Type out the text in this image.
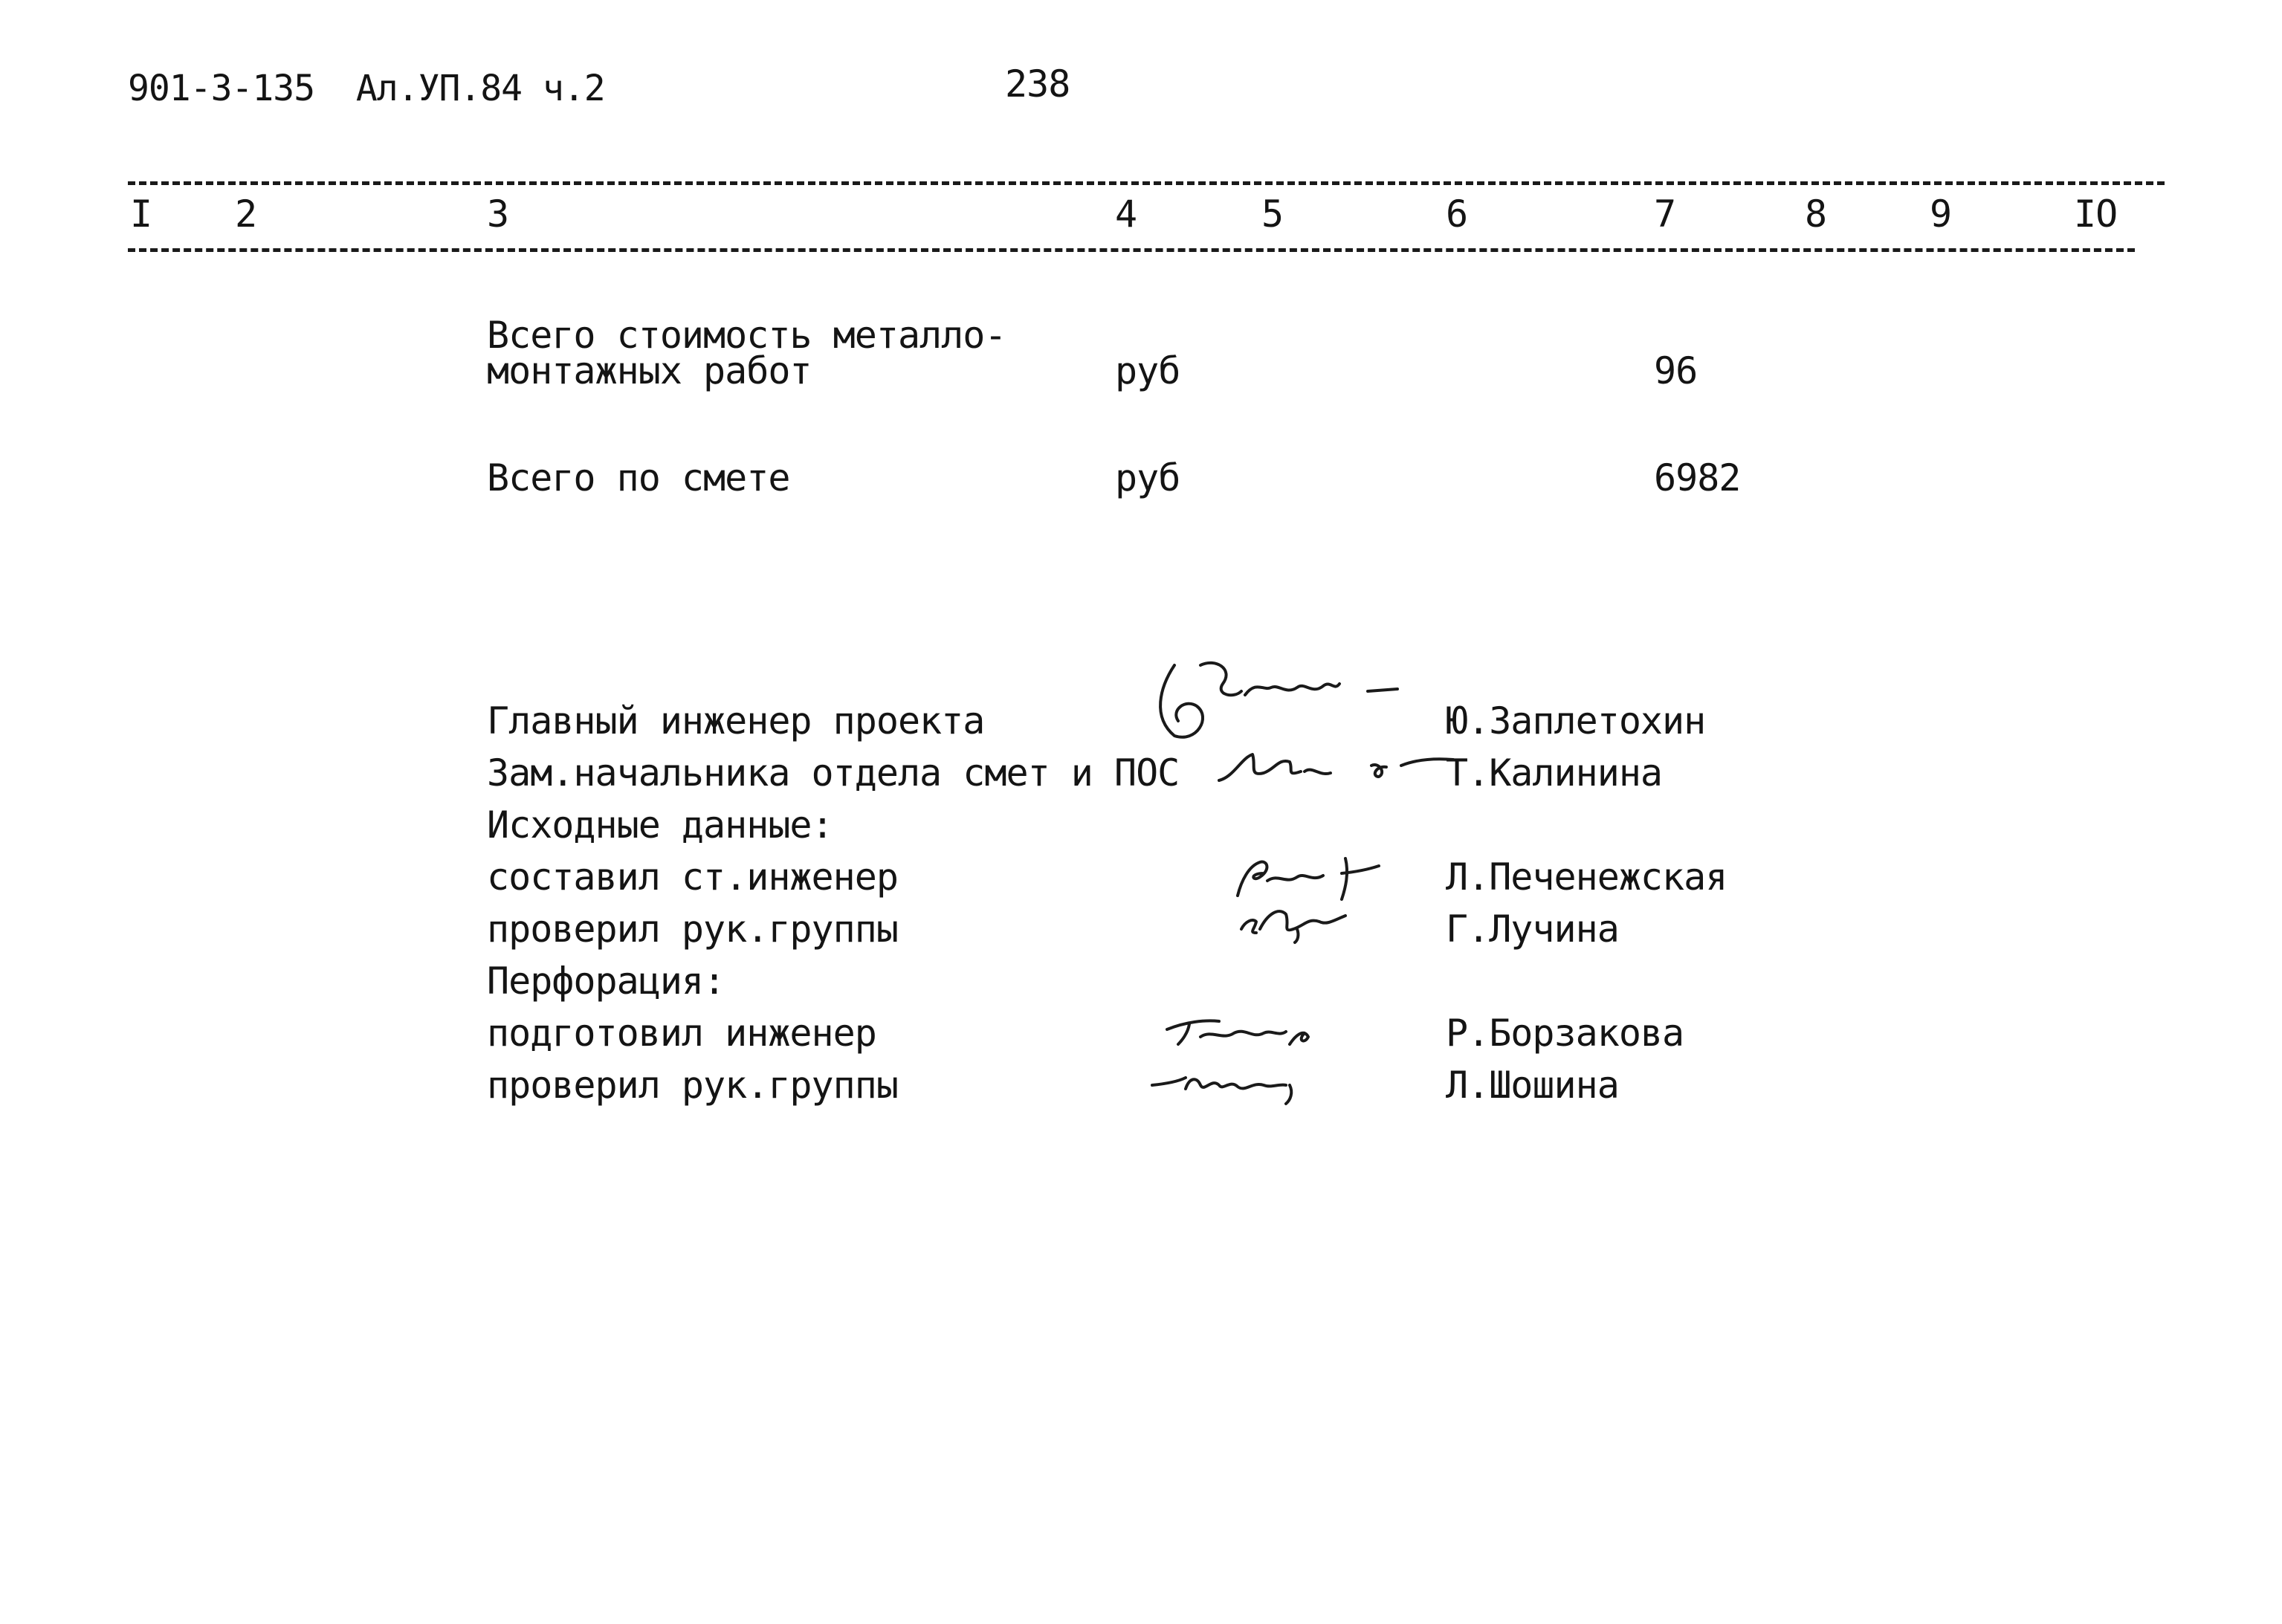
901-3-135  Ал.УП.84 ч.2	238
I 2	3	4	5	6	7	8	9	IO
Всего стоимость металло-
монтажных работ	руб	96
Всего по смете	руб	6982
Главный инженер проекта	Ю.Заплетохин
Зам.начальника отдела смет и ПОС	Т.Калинина
Исходные данные:
составил ст.инженер	Л.Печенежская
проверил рук.группы	Г.Лучина
Перфорация:
подготовил инженер	Р.Борзакова
проверил рук.группы	Л.Шошина
